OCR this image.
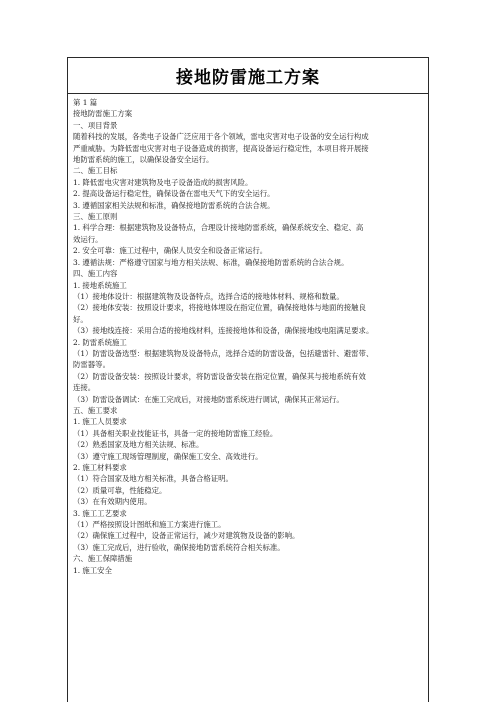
接地防雷施工方案
第 1 篇
接地防雷施工方案
一、项目背景
随着科技的发展，各类电子设备广泛应用于各个领域，雷电灾害对电子设备的安全运行构成
严重威胁。为降低雷电灾害对电子设备造成的损害，提高设备运行稳定性，本项目将开展接
地防雷系统的施工，以确保设备安全运行。
二、施工目标
1. 降低雷电灾害对建筑物及电子设备造成的损害风险。
2. 提高设备运行稳定性，确保设备在雷电天气下的安全运行。
3. 遵循国家相关法规和标准，确保接地防雷系统的合法合规。
三、施工原则
1. 科学合理：根据建筑物及设备特点，合理设计接地防雷系统，确保系统安全、稳定、高
效运行。
2. 安全可靠：施工过程中，确保人员安全和设备正常运行。
3. 遵循法规：严格遵守国家与地方相关法规、标准，确保接地防雷系统的合法合规。
四、施工内容
1. 接地系统施工
（1）接地体设计：根据建筑物及设备特点，选择合适的接地体材料、规格和数量。
（2）接地体安装：按照设计要求，将接地体埋设在指定位置，确保接地体与地面的接触良
好。
（3）接地线连接：采用合适的接地线材料，连接接地体和设备，确保接地线电阻满足要求。
2. 防雷系统施工
（1）防雷设备选型：根据建筑物及设备特点，选择合适的防雷设备，包括避雷针、避雷带、
防雷器等。
（2）防雷设备安装：按照设计要求，将防雷设备安装在指定位置，确保其与接地系统有效
连接。
（3）防雷设备调试：在施工完成后，对接地防雷系统进行调试，确保其正常运行。
五、施工要求
1. 施工人员要求
（1）具备相关职业技能证书，具备一定的接地防雷施工经验。
（2）熟悉国家及地方相关法规、标准。
（3）遵守施工现场管理制度，确保施工安全、高效进行。
2. 施工材料要求
（1）符合国家及地方相关标准，具备合格证明。
（2）质量可靠，性能稳定。
（3）在有效期内使用。
3. 施工工艺要求
（1）严格按照设计图纸和施工方案进行施工。
（2）确保施工过程中，设备正常运行，减少对建筑物及设备的影响。
（3）施工完成后，进行验收，确保接地防雷系统符合相关标准。
六、施工保障措施
1. 施工安全
